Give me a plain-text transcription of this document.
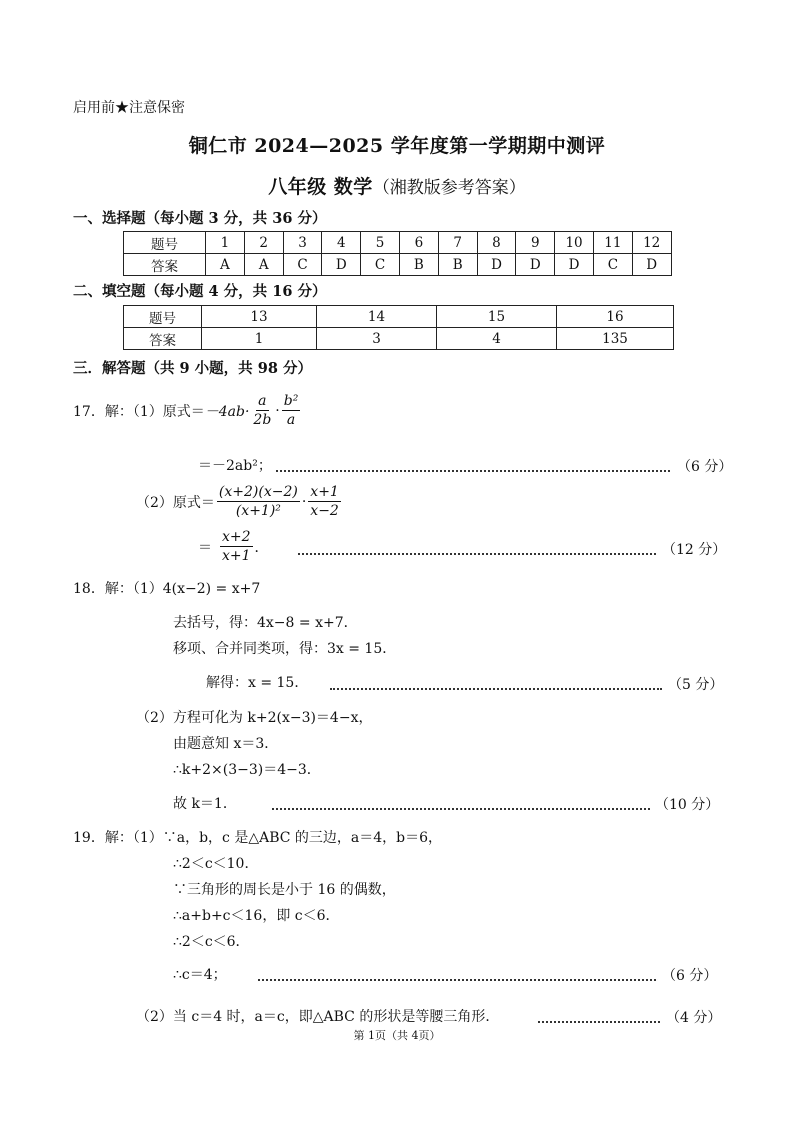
启用前★注意保密
铜仁市 2024—2025 学年度第一学期期中测评
八年级 数学（湘教版参考答案）
一、选择题（每小题 3 分，共 36 分）
题号	1	2	3	4	5	6	7	8	9	10	11	12
答案	A	A	C	D	C	B	B	D	D	D	C	D
二、填空题（每小题 4 分，共 16 分）
题号	13	14	15	16
答案	1	3	4	135
三．解答题（共 9 小题，共 98 分）
17．解：（1）原式＝ $-4ab\cdot \frac{a}{2b} \cdot \frac{\text{b²}}{a}$
＝－2ab²；	（6 分）
（2）原式＝ $\frac{(x+2)(x-2)}{\text{(x+1)²}} \cdot \frac{x+1}{x-2}$
＝ $\frac{x+2}{x+1}$ ．	（12 分）
18．解：（1）4(x−2) = x+7
去括号，得：4x−8 = x+7．
移项、合并同类项，得：3x = 15．
解得：x = 15．	（5 分）
（2）方程可化为 k+2(x−3)＝4−x，
由题意知 x＝3．
∴k+2×(3−3)＝4−3．
故 k＝1．	（10 分）
19．解：（1）∵a，b，c 是△ABC 的三边，a＝4，b＝6，
∴2＜c＜10．
∵三角形的周长是小于 16 的偶数，
∴a+b+c＜16，即 c＜6．
∴2＜c＜6．
∴c＝4；	（6 分）
（2）当 c＝4 时，a＝c，即△ABC 的形状是等腰三角形．	（4 分）
第 1页（共 4页）
